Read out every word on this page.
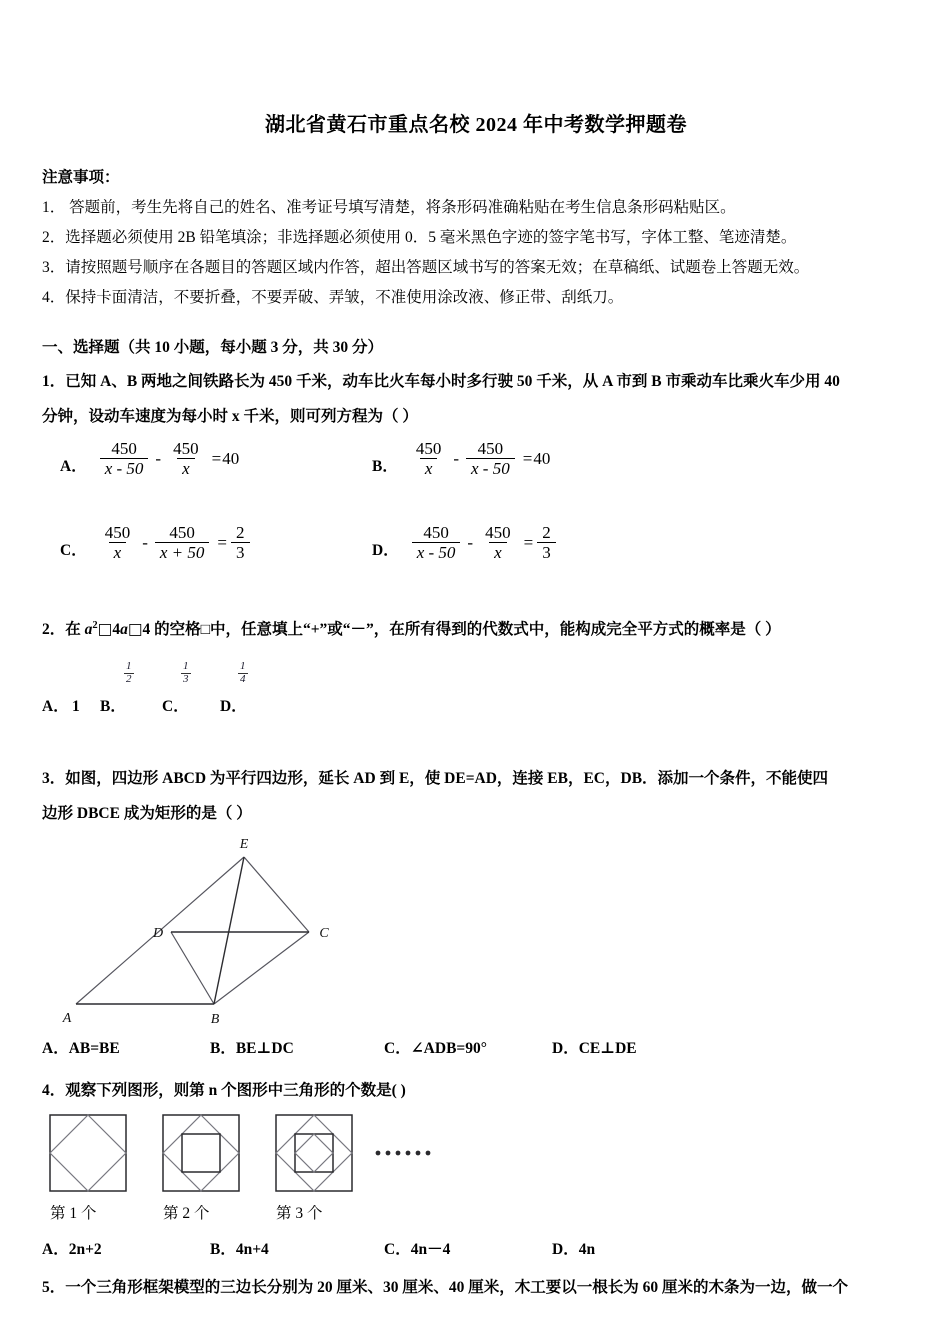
湖北省黄石市重点名校 2024 年中考数学押题卷
注意事项：
1． 答题前，考生先将自己的姓名、准考证号填写清楚，将条形码准确粘贴在考生信息条形码粘贴区。
2．选择题必须使用 2B 铅笔填涂；非选择题必须使用 0．5 毫米黑色字迹的签字笔书写，字体工整、笔迹清楚。
3．请按照题号顺序在各题目的答题区域内作答，超出答题区域书写的答案无效；在草稿纸、试题卷上答题无效。
4．保持卡面清洁，不要折叠，不要弄破、弄皱，不准使用涂改液、修正带、刮纸刀。
一、选择题（共 10 小题，每小题 3 分，共 30 分）
1．已知 A、B 两地之间铁路长为 450 千米，动车比火车每小时多行驶 50 千米，从 A 市到 B 市乘动车比乘火车少用 40
分钟，设动车速度为每小时 x 千米，则可列方程为（ ）
A． $\frac{450}{x - 50} - \frac{450}{x} = 40$	B． $\frac{450}{x} - \frac{450}{x - 50} = 40$
C． $\frac{450}{x} - \frac{450}{x + 50} = \frac{2}{3}$	D． $\frac{450}{x - 50} - \frac{450}{x} = \frac{2}{3}$
2．在 $a^2□4a□4$ 的空格□中，任意填上“+”或“－”，在所有得到的代数式中，能构成完全平方式的概率是（ ）
$\frac{1}{2}$	$\frac{1}{3}$	$\frac{1}{4}$
A． 1 B． C． D．
3．如图，四边形 ABCD 为平行四边形，延长 AD 到 E，使 DE=AD，连接 EB，EC，DB．添加一个条件，不能使四
边形 DBCE 成为矩形的是（ ）
E
D	C
A	B
A．AB=BE	B．BE⊥DC	C．∠ADB=90°	D．CE⊥DE
4．观察下列图形，则第 n 个图形中三角形的个数是( )
第 1 个	第 2 个	第 3 个
A．2n+2	B．4n+4	C．4n－4	D．4n
5．一个三角形框架模型的三边长分别为 20 厘米、30 厘米、40 厘米，木工要以一根长为 60 厘米的木条为一边，做一个
